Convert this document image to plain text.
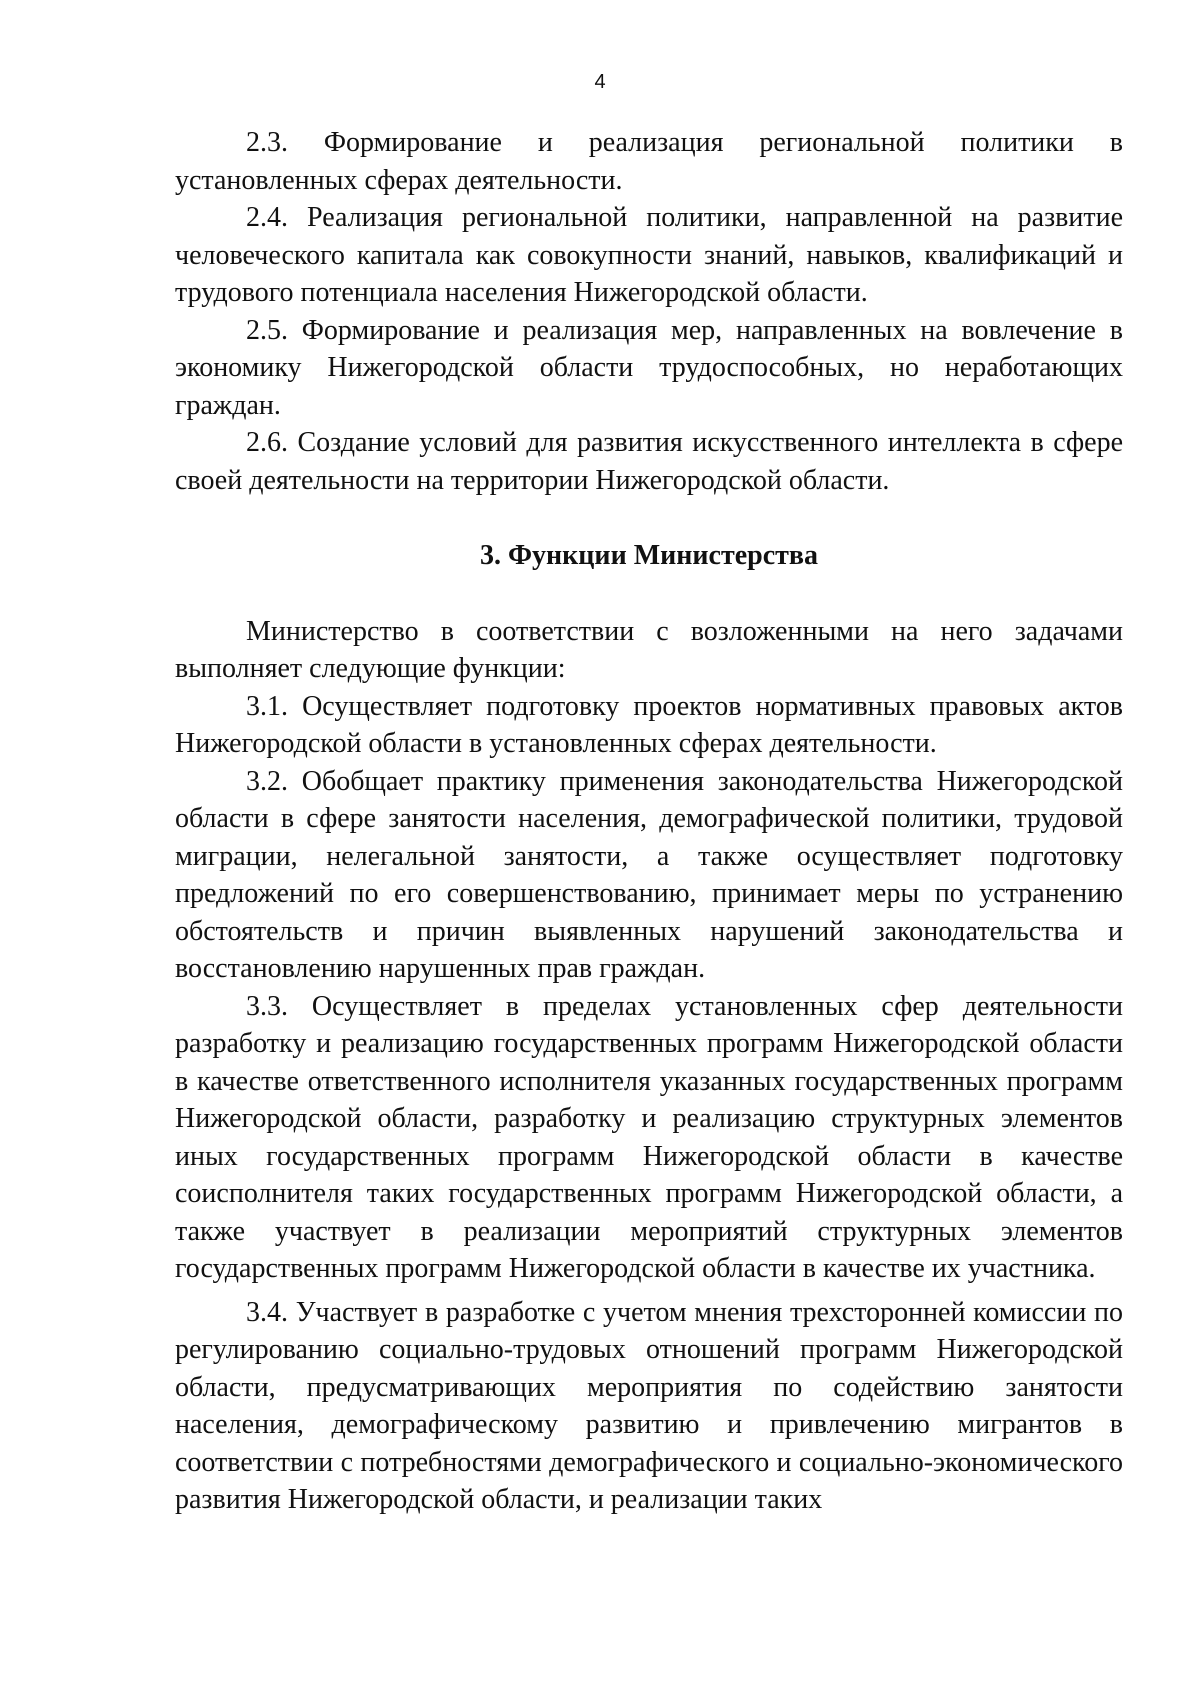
4

2.3. Формирование и реализация региональной политики в установленных сферах деятельности.

2.4. Реализация региональной политики, направленной на развитие человеческого капитала как совокупности знаний, навыков, квалификаций и трудового потенциала населения Нижегородской области.

2.5. Формирование и реализация мер, направленных на вовлечение в экономику Нижегородской области трудоспособных, но неработающих граждан.

2.6. Создание условий для развития искусственного интеллекта в сфере своей деятельности на территории Нижегородской области.

3. Функции Министерства

Министерство в соответствии с возложенными на него задачами выполняет следующие функции:

3.1. Осуществляет подготовку проектов нормативных правовых актов Нижегородской области в установленных сферах деятельности.

3.2. Обобщает практику применения законодательства Нижегородской области в сфере занятости населения, демографической политики, трудовой миграции, нелегальной занятости, а также осуществляет подготовку предложений по его совершенствованию, принимает меры по устранению обстоятельств и причин выявленных нарушений законодательства и восстановлению нарушенных прав граждан.

3.3. Осуществляет в пределах установленных сфер деятельности разработку и реализацию государственных программ Нижегородской области в качестве ответственного исполнителя указанных государственных программ Нижегородской области, разработку и реализацию структурных элементов иных государственных программ Нижегородской области в качестве соисполнителя таких государственных программ Нижегородской области, а также участвует в реализации мероприятий структурных элементов государственных программ Нижегородской области в качестве их участника.

3.4. Участвует в разработке с учетом мнения трехсторонней комиссии по регулированию социально-трудовых отношений программ Нижегородской области, предусматривающих мероприятия по содействию занятости населения, демографическому развитию и привлечению мигрантов в соответствии с потребностями демографического и социально-экономического развития Нижегородской области, и реализации таких
